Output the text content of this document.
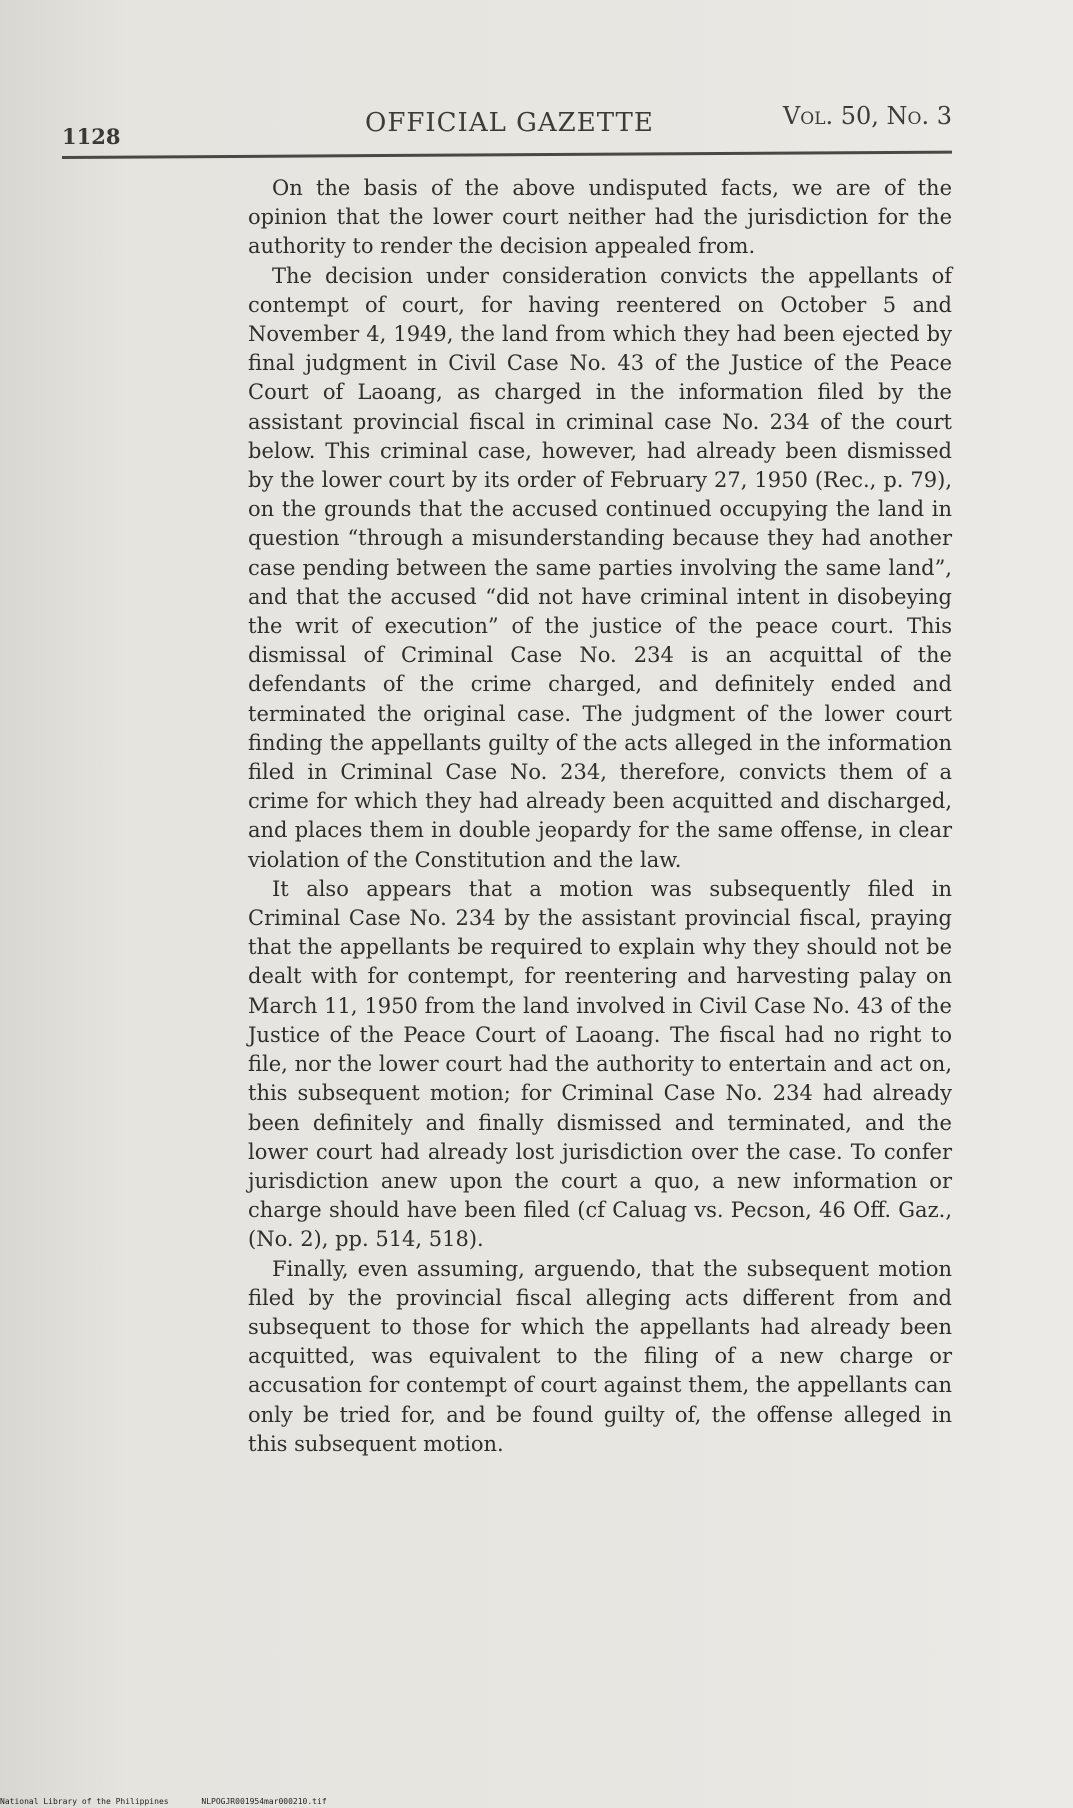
1128	OFFICIAL GAZETTE	Vol. 50, No. 3

On the basis of the above undisputed facts, we are of the opinion that the lower court neither had the jurisdiction for the authority to render the decision appealed from.

The decision under consideration convicts the appellants of contempt of court, for having reentered on October 5 and November 4, 1949, the land from which they had been ejected by final judgment in Civil Case No. 43 of the Justice of the Peace Court of Laoang, as charged in the information filed by the assistant provincial fiscal in criminal case No. 234 of the court below. This criminal case, however, had already been dismissed by the lower court by its order of February 27, 1950 (Rec., p. 79), on the grounds that the accused continued occupying the land in question “through a misunderstanding because they had another case pending between the same parties involving the same land”, and that the accused “did not have criminal intent in disobeying the writ of execution” of the justice of the peace court. This dismissal of Criminal Case No. 234 is an acquittal of the defendants of the crime charged, and definitely ended and terminated the original case. The judgment of the lower court finding the appellants guilty of the acts alleged in the information filed in Criminal Case No. 234, therefore, convicts them of a crime for which they had already been acquitted and discharged, and places them in double jeopardy for the same offense, in clear violation of the Constitution and the law.

It also appears that a motion was subsequently filed in Criminal Case No. 234 by the assistant provincial fiscal, praying that the appellants be required to explain why they should not be dealt with for contempt, for reentering and harvesting palay on March 11, 1950 from the land involved in Civil Case No. 43 of the Justice of the Peace Court of Laoang. The fiscal had no right to file, nor the lower court had the authority to entertain and act on, this subsequent motion; for Criminal Case No. 234 had already been definitely and finally dismissed and terminated, and the lower court had already lost jurisdiction over the case. To confer jurisdiction anew upon the court a quo, a new information or charge should have been filed (cf Caluag vs. Pecson, 46 Off. Gaz., (No. 2), pp. 514, 518).

Finally, even assuming, arguendo, that the subsequent motion filed by the provincial fiscal alleging acts different from and subsequent to those for which the appellants had already been acquitted, was equivalent to the filing of a new charge or accusation for contempt of court against them, the appellants can only be tried for, and be found guilty of, the offense alleged in this subsequent motion.

National Library of the Philippines	NLPOGJR001954mar000210.tif
